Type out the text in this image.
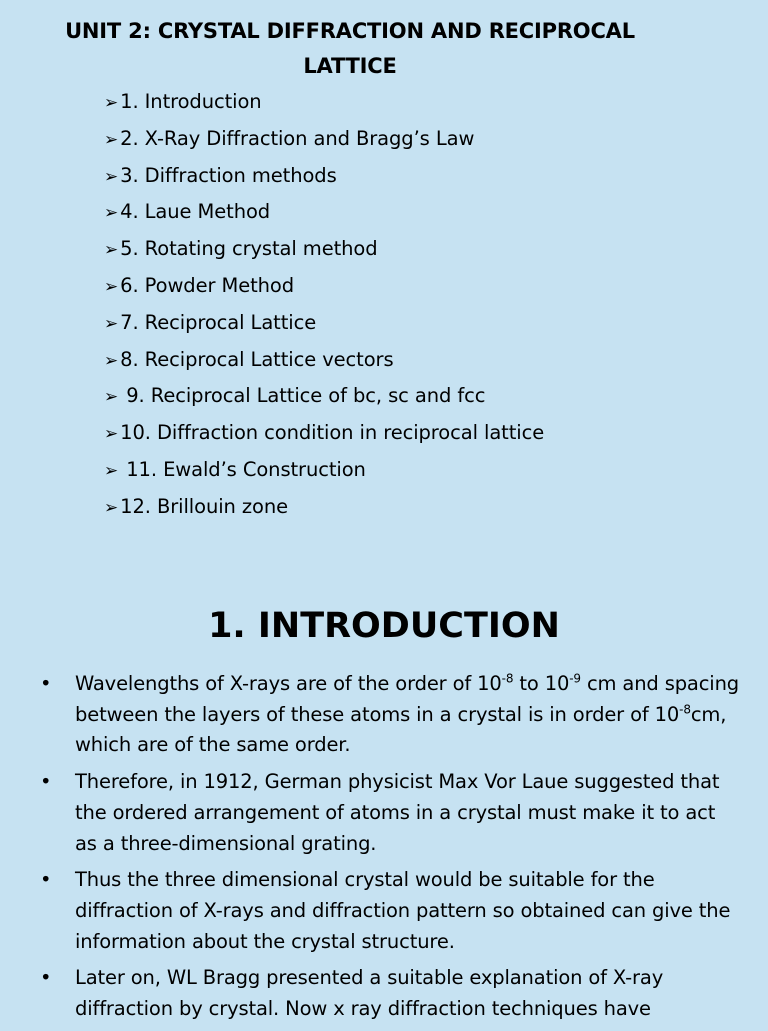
UNIT 2: CRYSTAL DIFFRACTION AND RECIPROCAL LATTICE
➢ 1. Introduction
➢ 2. X-Ray Diffraction and Bragg’s Law
➢ 3. Diffraction methods
➢ 4. Laue Method
➢ 5. Rotating crystal method
➢ 6. Powder Method
➢ 7. Reciprocal Lattice
➢ 8. Reciprocal Lattice vectors
➢ 9. Reciprocal Lattice of bc, sc and fcc
➢ 10. Diffraction condition in reciprocal lattice
➢ 11. Ewald’s Construction
➢ 12. Brillouin zone
1. INTRODUCTION
• Wavelengths of X-rays are of the order of $10^{-8}$ to $10^{-9}$ cm and spacing between the layers of these atoms in a crystal is in order of $10^{-8}cm$, which are of the same order.
• Therefore, in 1912, German physicist Max Vor Laue suggested that the ordered arrangement of atoms in a crystal must make it to act as a three-dimensional grating.
• Thus the three dimensional crystal would be suitable for the diffraction of X-rays and diffraction pattern so obtained can give the information about the crystal structure.
• Later on, WL Bragg presented a suitable explanation of X-ray diffraction by crystal. Now x ray diffraction techniques have
